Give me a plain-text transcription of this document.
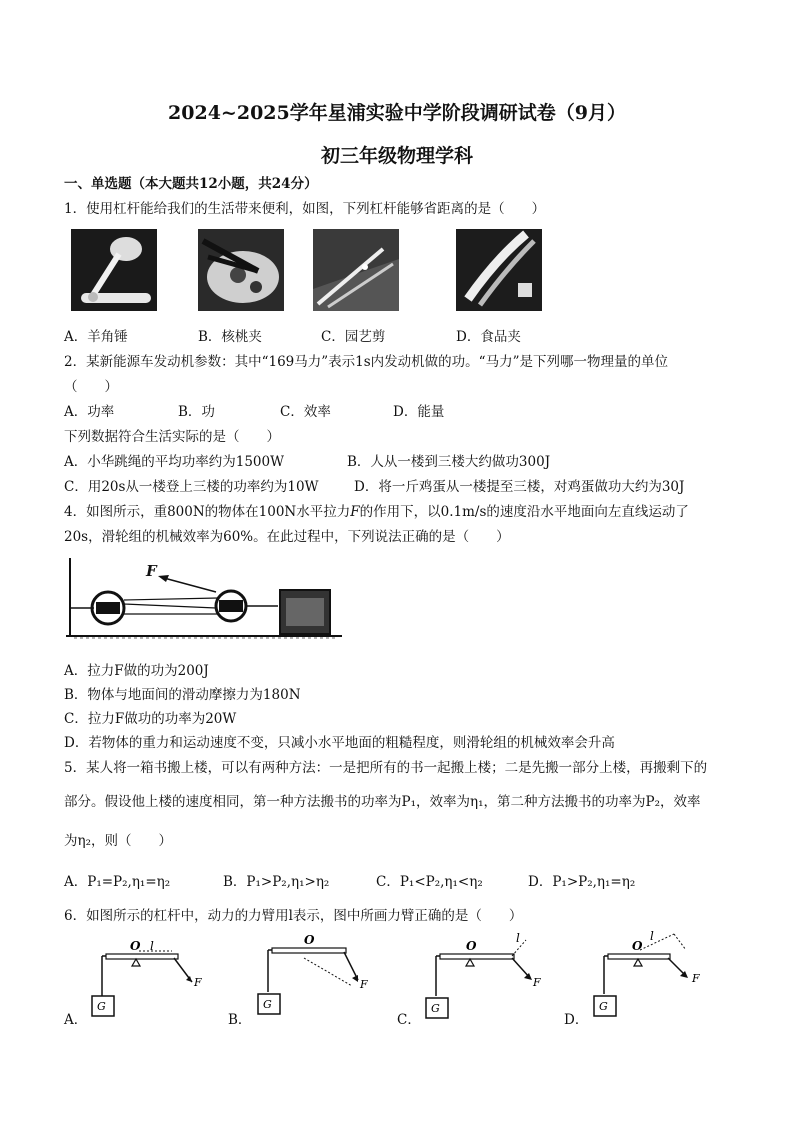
2024~2025学年星浦实验中学阶段调研试卷（9月）
初三年级物理学科
一、单选题（本大题共12小题，共24分）
1．使用杠杆能给我们的生活带来便利，如图，下列杠杆能够省距离的是（　　）
A．羊角锤	B．核桃夹	C．园艺剪	D．食品夹
2．某新能源车发动机参数：其中“169马力”表示1s内发动机做的功。“马力”是下列哪一物理量的单位
（　　）
A．功率	B．功	C．效率	D．能量
下列数据符合生活实际的是（　　）
A．小华跳绳的平均功率约为1500W	B．人从一楼到三楼大约做功300J
C．用20s从一楼登上三楼的功率约为10W	D．将一斤鸡蛋从一楼提至三楼，对鸡蛋做功大约为30J
4．如图所示，重800N的物体在100N水平拉力F的作用下，以0.1m/s的速度沿水平地面向左直线运动了
20s，滑轮组的机械效率为60%。在此过程中，下列说法正确的是（　　）
F
A．拉力F做的功为200J
B．物体与地面间的滑动摩擦力为180N
C．拉力F做功的功率为20W
D．若物体的重力和运动速度不变，只减小水平地面的粗糙程度，则滑轮组的机械效率会升高
5．某人将一箱书搬上楼，可以有两种方法：一是把所有的书一起搬上楼；二是先搬一部分上楼，再搬剩下的
部分。假设他上楼的速度相同，第一种方法搬书的功率为P₁，效率为η₁，第二种方法搬书的功率为P₂，效率
为η₂，则（　　）
A．P₁=P₂,η₁=η₂	B．P₁>P₂,η₁>η₂	C．P₁<P₂,η₁<η₂	D．P₁>P₂,η₁=η₂
6．如图所示的杠杆中，动力的力臂用l表示，图中所画力臂正确的是（　　）
A．
O l
F
G
B．
O
F
G
C．
O
l
F
G
D．
O
l
F
G
